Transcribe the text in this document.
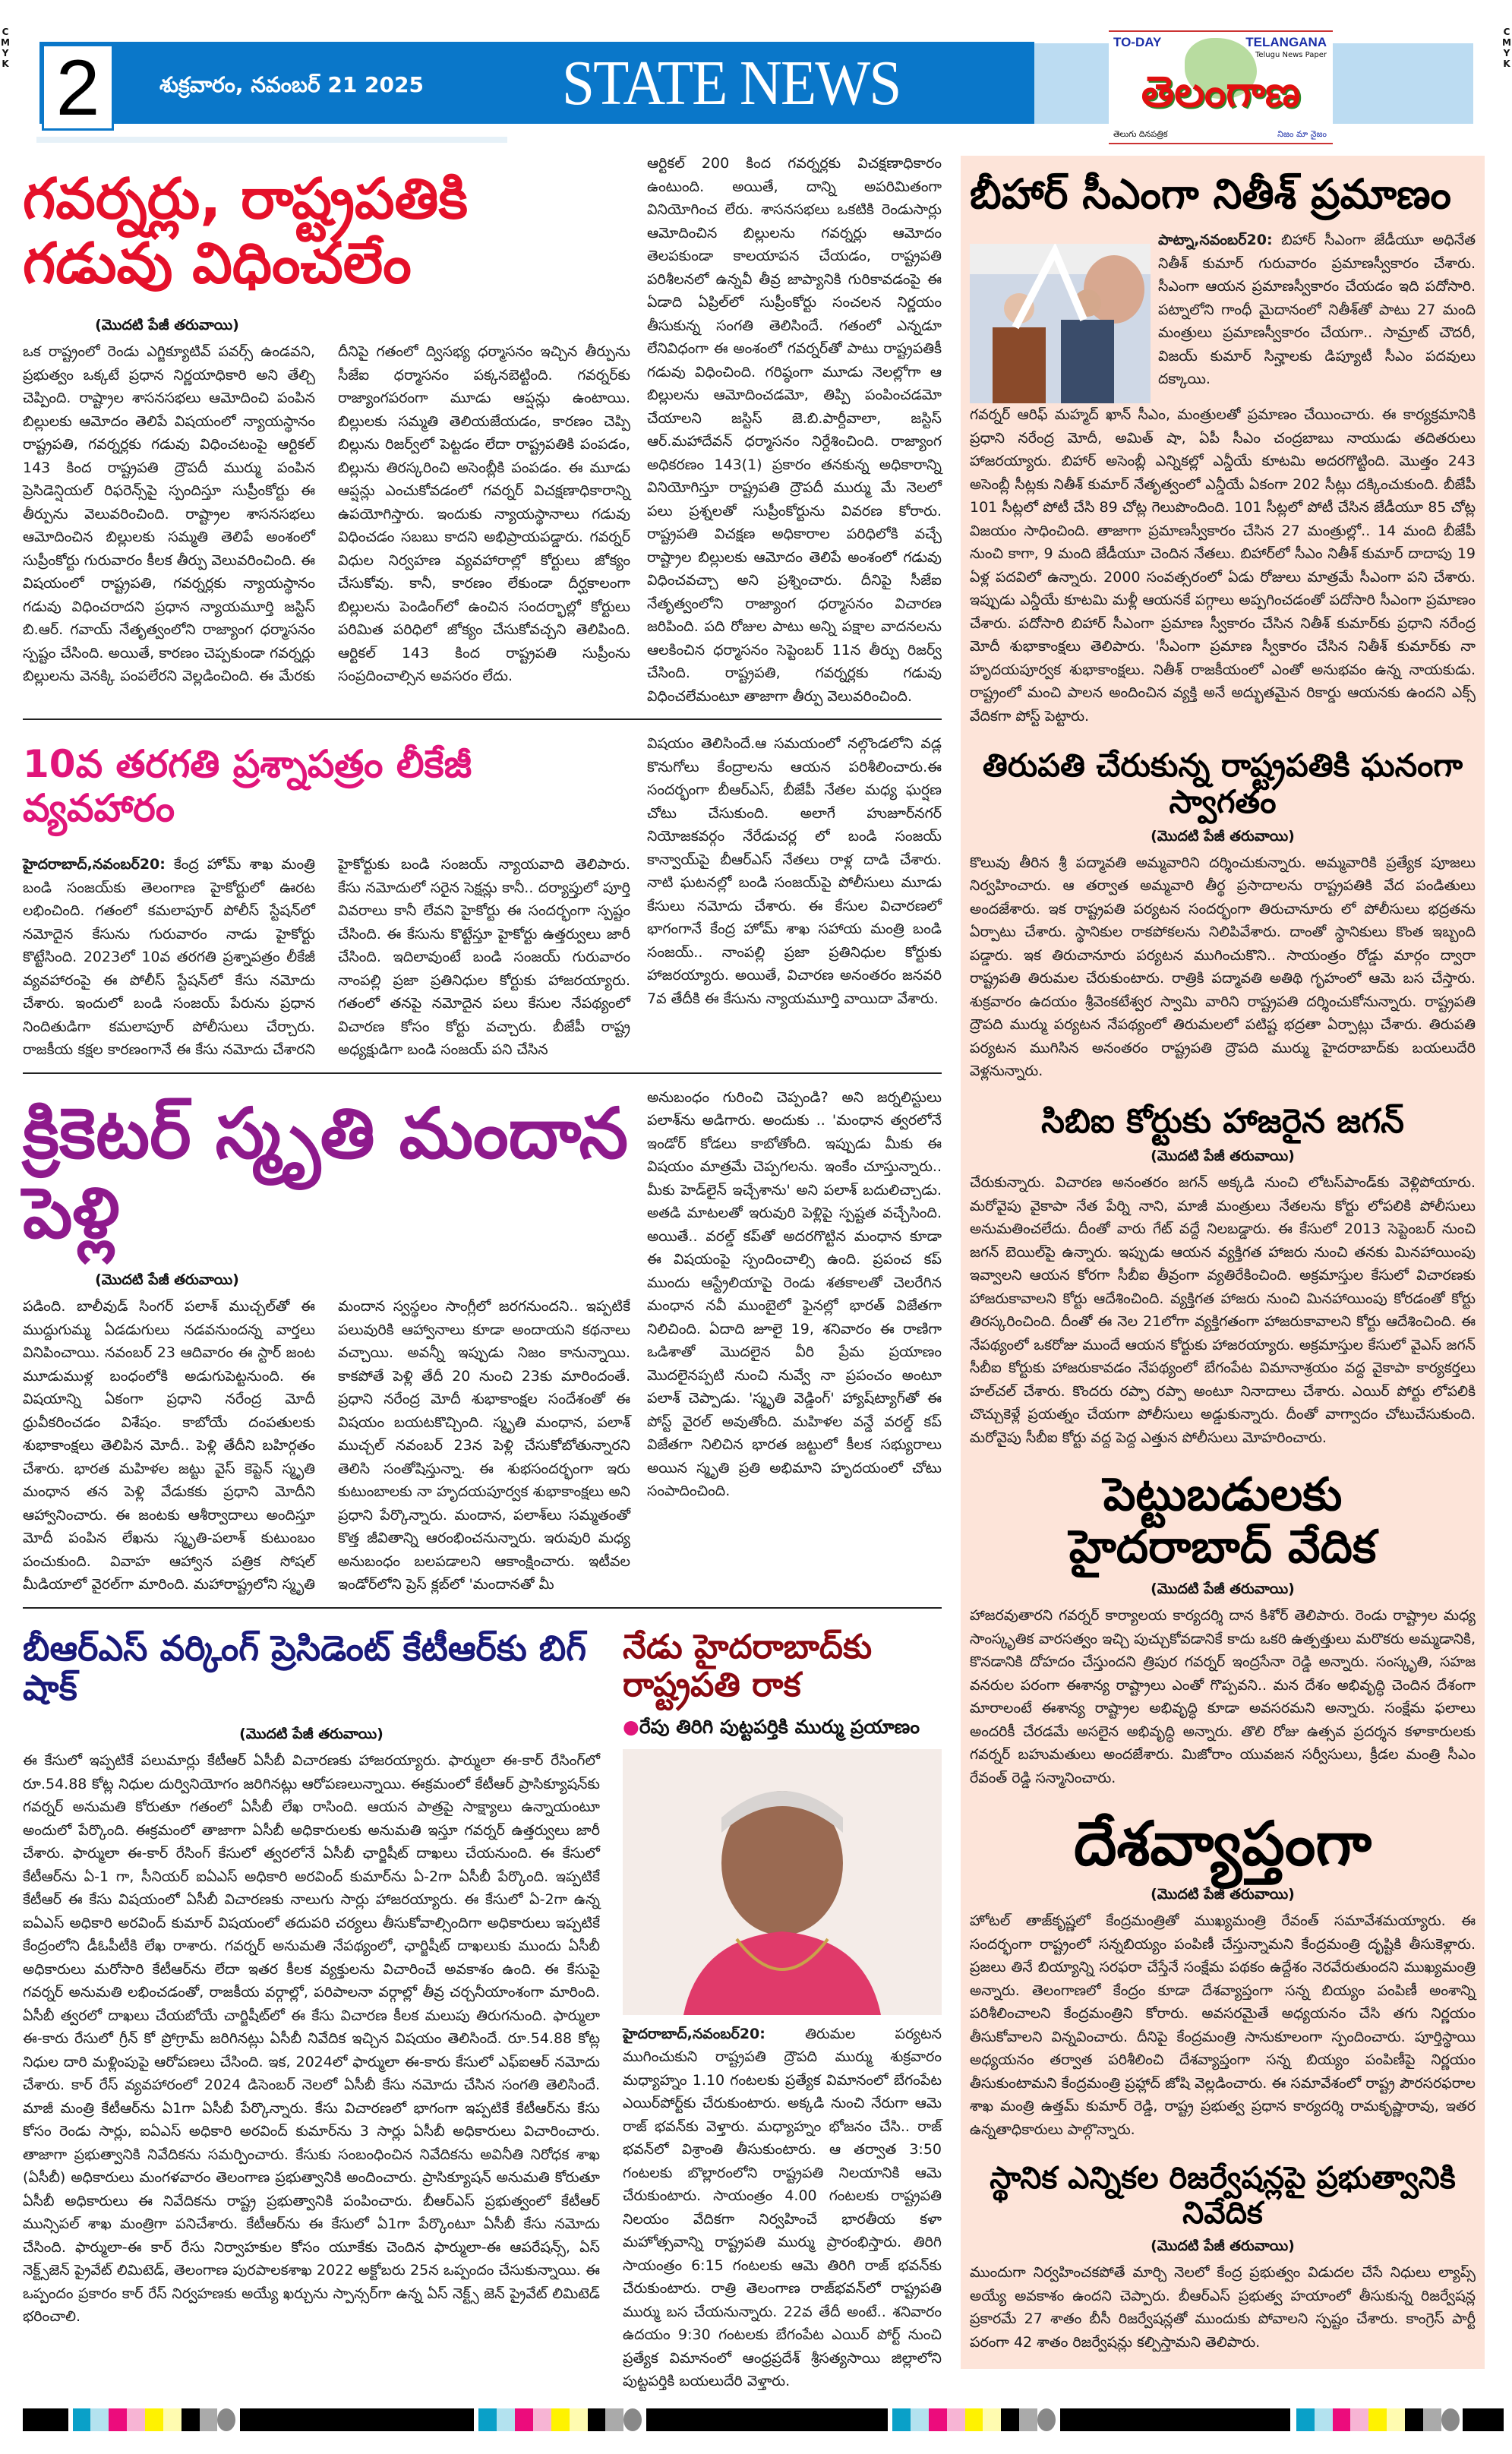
CMYK
CMYK
2	శుక్రవారం, నవంబర్ 21 2025	STATE NEWS
TO-DAY	TELANGANA
Telugu News Paper
తెలంగాణ
తెలుగు దినపత్రిక	నిజం మా నైజం
గవర్నర్లు, రాష్ట్రపతికి గడువు విధించలేం
(మొదటి పేజీ తరువాయి)
ఒక రాష్ట్రంలో రెండు ఎగ్జిక్యూటివ్ పవర్స్ ఉండవని, ప్రభుత్వం ఒక్కటే ప్రధాన నిర్ణయాధికారి అని తేల్చి చెప్పింది. రాష్ట్రాల శాసనసభలు ఆమోదించి పంపిన బిల్లులకు ఆమోదం తెలిపే విషయంలో న్యాయస్థానం రాష్ట్రపతి, గవర్నర్లకు గడువు విధించటంపై ఆర్టికల్ 143 కింద రాష్ట్రపతి ద్రౌపదీ ముర్ము పంపిన ప్రెసిడెన్షియల్ రిఫరెన్స్‌పై స్పందిస్తూ సుప్రీంకోర్టు ఈ తీర్పును వెలువరించింది. రాష్ట్రాల శాసనసభలు ఆమోదించిన బిల్లులకు సమ్మతి తెలిపే అంశంలో సుప్రీంకోర్టు గురువారం కీలక తీర్పు వెలువరించింది. ఈ విషయంలో రాష్ట్రపతి, గవర్నర్లకు న్యాయస్థానం గడువు విధించరాదని ప్రధాన న్యాయమూర్తి జస్టిస్ బి.ఆర్. గవాయ్ నేతృత్వంలోని రాజ్యాంగ ధర్మాసనం స్పష్టం చేసింది. అయితే, కారణం చెప్పకుండా గవర్నర్లు బిల్లులను వెనక్కి పంపలేరని వెల్లడించింది. ఈ మేరకు దీనిపై గతంలో ద్విసభ్య ధర్మాసనం ఇచ్చిన తీర్పును సీజేఐ ధర్మాసనం పక్కనబెట్టింది. గవర్నర్‌కు రాజ్యాంగపరంగా మూడు ఆప్షన్లు ఉంటాయి. బిల్లులకు సమ్మతి తెలియజేయడం, కారణం చెప్పి బిల్లును రిజర్వ్‌లో పెట్టడం లేదా రాష్ట్రపతికి పంపడం, బిల్లును తిరస్కరించి అసెంబ్లీకి పంపడం. ఈ మూడు ఆప్షన్లు ఎంచుకోవడంలో గవర్నర్ విచక్షణాధికారాన్ని ఉపయోగిస్తారు. ఇందుకు న్యాయస్థానాలు గడువు విధించడం సబబు కాదని అభిప్రాయపడ్డారు. గవర్నర్ విధుల నిర్వహణ వ్యవహారాల్లో కోర్టులు జోక్యం చేసుకోవు. కానీ, కారణం లేకుండా దీర్ఘకాలంగా బిల్లులను పెండింగ్‌లో ఉంచిన సందర్భాల్లో కోర్టులు పరిమిత పరిధిలో జోక్యం చేసుకోవచ్చని తెలిపింది. ఆర్టికల్ 143 కింద రాష్ట్రపతి సుప్రీంను సంప్రదించాల్సిన అవసరం లేదు.
ఆర్టికల్ 200 కింద గవర్నర్లకు విచక్షణాధికారం ఉంటుంది. అయితే, దాన్ని అపరిమితంగా వినియోగించ లేరు. శాసనసభలు ఒకటికి రెండుసార్లు ఆమోదించిన బిల్లులను గవర్నర్లు ఆమోదం తెలపకుండా కాలయాపన చేయడం, రాష్ట్రపతి పరిశీలనలో ఉన్నవీ తీవ్ర జాప్యానికి గురికావడంపై ఈ ఏడాది ఏప్రిల్‌లో సుప్రీంకోర్టు సంచలన నిర్ణయం తీసుకున్న సంగతి తెలిసిందే. గతంలో ఎన్నడూ లేనివిధంగా ఈ అంశంలో గవర్నర్‌తో పాటు రాష్ట్రపతికీ గడువు విధించింది. గరిష్ఠంగా మూడు నెలల్లోగా ఆ బిల్లులను ఆమోదించడమో, తిప్పి పంపించడమో చేయాలని జస్టిస్ జె.బి.పార్దీవాలా, జస్టిస్ ఆర్.మహాదేవన్ ధర్మాసనం నిర్దేశించింది. రాజ్యాంగ అధికరణం 143(1) ప్రకారం తనకున్న అధికారాన్ని వినియోగిస్తూ రాష్ట్రపతి ద్రౌపదీ ముర్ము మే నెలలో పలు ప్రశ్నలతో సుప్రీంకోర్టును వివరణ కోరారు. రాష్ట్రపతి విచక్షణ అధికారాల పరిధిలోకి వచ్చే రాష్ట్రాల బిల్లులకు ఆమోదం తెలిపే అంశంలో గడువు విధించవచ్చా అని ప్రశ్నించారు. దీనిపై సీజేఐ నేతృత్వంలోని రాజ్యాంగ ధర్మాసనం విచారణ జరిపింది. పది రోజుల పాటు అన్ని పక్షాల వాదనలను ఆలకించిన ధర్మాసనం సెప్టెంబర్ 11న తీర్పు రిజర్వ్ చేసింది. రాష్ట్రపతి, గవర్నర్లకు గడువు విధించలేమంటూ తాజాగా తీర్పు వెలువరించింది.
10వ తరగతి ప్రశ్నాపత్రం లీకేజీ వ్యవహారం
హైదరాబాద్,నవంబర్20: కేంద్ర హోమ్ శాఖ మంత్రి బండి సంజయ్‌కు తెలంగాణ హైకోర్టులో ఊరట లభించింది. గతంలో కమలాపూర్ పోలీస్ స్టేషన్‌లో నమోదైన కేసును గురువారం నాడు హైకోర్టు కొట్టేసింది. 2023లో 10వ తరగతి ప్రశ్నాపత్రం లీకేజీ వ్యవహారంపై ఈ పోలీస్ స్టేషన్‌లో కేసు నమోదు చేశారు. ఇందులో బండి సంజయ్ పేరును ప్రధాన నిందితుడిగా కమలాపూర్ పోలీసులు చేర్చారు. రాజకీయ కక్షల కారణంగానే ఈ కేసు నమోదు చేశారని హైకోర్టుకు బండి సంజయ్ న్యాయవాది తెలిపారు. కేసు నమోదులో సరైన సెక్షన్లు కానీ.. దర్యాప్తులో పూర్తి వివరాలు కానీ లేవని హైకోర్టు ఈ సందర్భంగా స్పష్టం చేసింది. ఈ కేసును కొట్టేస్తూ హైకోర్టు ఉత్తర్వులు జారీ చేసింది. ఇదిలావుంటే బండి సంజయ్ గురువారం నాంపల్లి ప్రజా ప్రతినిధుల కోర్టుకు హాజరయ్యారు. గతంలో తనపై నమోదైన పలు కేసుల నేపథ్యంలో విచారణ కోసం కోర్టు వచ్చారు. బీజేపీ రాష్ట్ర అధ్యక్షుడిగా బండి సంజయ్ పని చేసిన
విషయం తెలిసిందే.ఆ సమయంలో నల్గొండలోని వడ్ల కొనుగోలు కేంద్రాలను ఆయన పరిశీలించారు.ఈ సందర్భంగా బీఆర్ఎస్, బీజేపీ నేతల మధ్య ఘర్షణ చోటు చేసుకుంది. అలాగే హుజూర్‌నగర్ నియోజకవర్గం నేరేడుచర్ల లో బండి సంజయ్ కాన్వాయ్‌పై బీఆర్ఎస్ నేతలు రాళ్ల దాడి చేశారు. నాటి ఘటనల్లో బండి సంజయ్‌పై పోలీసులు మూడు కేసులు నమోదు చేశారు. ఈ కేసుల విచారణలో భాగంగానే కేంద్ర హోమ్ శాఖ సహాయ మంత్రి బండి సంజయ్.. నాంపల్లి ప్రజా ప్రతినిధుల కోర్టుకు హాజరయ్యారు. అయితే, విచారణ అనంతరం జనవరి 7వ తేదీకి ఈ కేసును న్యాయమూర్తి వాయిదా వేశారు.
క్రికెటర్ స్మృతి మందాన పెళ్లి
(మొదటి పేజీ తరువాయి)
పడింది. బాలీవుడ్ సింగర్ పలాశ్ ముచ్చల్‌తో ఈ ముద్దుగుమ్మ ఏడడుగులు నడవనుందన్న వార్తలు వినిపించాయి. నవంబర్ 23 ఆదివారం ఈ స్టార్ జంట మూడుముళ్ల బంధంలోకి అడుగుపెట్టనుంది. ఈ విషయాన్ని ఏకంగా ప్రధాని నరేంద్ర మోదీ ధ్రువీకరించడం విశేషం. కాబోయే దంపతులకు శుభాకాంక్షలు తెలిపిన మోదీ.. పెళ్లి తేదీని బహిర్గతం చేశారు. భారత మహిళల జట్టు వైస్ కెప్టెన్ స్మృతి మంధాన తన పెళ్లి వేడుకకు ప్రధాని మోదీని ఆహ్వానించారు. ఈ జంటకు ఆశీర్వాదాలు అందిస్తూ మోదీ పంపిన లేఖను స్మృతి-పలాశ్ కుటుంబం పంచుకుంది. వివాహ ఆహ్వాన పత్రిక సోషల్ మీడియాలో వైరల్‌గా మారింది. మహారాష్ట్రలోని స్మృతి మందాన స్వస్థలం సాంగ్లీలో జరగనుందని.. ఇప్పటికే పలువురికి ఆహ్వానాలు కూడా అందాయని కథనాలు వచ్చాయి. అవన్నీ ఇప్పుడు నిజం కానున్నాయి. కాకపోతే పెళ్లి తేదీ 20 నుంచి 23కు మారిందంతే. ప్రధాని నరేంద్ర మోదీ శుభాకాంక్షల సందేశంతో ఈ విషయం బయటకొచ్చింది. స్మృతి మంధాన, పలాశ్ ముచ్చల్ నవంబర్ 23న పెళ్లి చేసుకోబోతున్నారని తెలిసి సంతోషిస్తున్నా. ఈ శుభసందర్భంగా ఇరు కుటుంబాలకు నా హృదయపూర్వక శుభాకాంక్షలు అని ప్రధాని పేర్కొన్నారు. మందాన, పలాశ్‌లు సమ్మతంతో కొత్త జీవితాన్ని ఆరంభించనున్నారు. ఇరువురి మధ్య అనుబంధం బలపడాలని ఆకాంక్షించారు. ఇటీవల ఇండోర్‌లోని ప్రెస్ క్లబ్‌లో 'మందానతో మీ
అనుబంధం గురించి చెప్పండి? అని జర్నలిస్టులు పలాశ్‌ను అడిగారు. అందుకు .. 'మంధాన త్వరలోనే ఇండోర్ కోడలు కాబోతోంది. ఇప్పుడు మీకు ఈ విషయం మాత్రమే చెప్పగలను. ఇంకేం చూస్తున్నారు.. మీకు హెడ్‌లైన్ ఇచ్చేశాను' అని పలాశ్ బదులిచ్చాడు. అతడి మాటలతో ఇరువురి పెళ్లిపై స్పష్టత వచ్చేసింది. అయితే.. వరల్డ్ కప్‌తో అదరగొట్టిన మంధాన కూడా ఈ విషయంపై స్పందించాల్సి ఉంది. ప్రపంచ కప్ ముందు ఆస్ట్రేలియాపై రెండు శతకాలతో చెలరేగిన మంధాన నవీ ముంబైలో ఫైనల్లో భారత్ విజేతగా నిలిచింది. ఏదాది జూలై 19, శనివారం ఈ రాణిగా ఒడిశాతో మొదలైన వీరి ప్రేమ ప్రయాణం మొదలైనప్పటి నుంచి నువ్వే నా ప్రపంచం అంటూ పలాశ్ చెప్పాడు. 'స్మృతి వెడ్డింగ్' హ్యాష్‌ట్యాగ్‌తో ఈ పోస్ట్ వైరల్ అవుతోంది. మహిళల వన్డే వరల్డ్ కప్ విజేతగా నిలిచిన భారత జట్టులో కీలక సభ్యురాలు అయిన స్మృతి ప్రతి అభిమాని హృదయంలో చోటు సంపాదించింది.
బీఆర్ఎస్ వర్కింగ్ ప్రెసిడెంట్ కేటీఆర్‌కు బిగ్ షాక్
(మొదటి పేజీ తరువాయి)
ఈ కేసులో ఇప్పటికే పలుమార్లు కేటీఆర్ ఏసీబీ విచారణకు హాజరయ్యారు. ఫార్ములా ఈ-కార్ రేసింగ్‌లో రూ.54.88 కోట్ల నిధుల దుర్వినియోగం జరిగినట్లు ఆరోపణలున్నాయి. ఈక్రమంలో కేటీఆర్ ప్రాసిక్యూషన్‌కు గవర్నర్ అనుమతి కోరుతూ గతంలో ఏసీబీ లేఖ రాసింది. ఆయన పాత్రపై సాక్ష్యాలు ఉన్నాయంటూ అందులో పేర్కొంది. ఈక్రమంలో తాజాగా ఏసీబీ అధికారులకు అనుమతి ఇస్తూ గవర్నర్ ఉత్తర్వులు జారీ చేశారు. ఫార్ములా ఈ-కార్ రేసింగ్ కేసులో త్వరలోనే ఏసీబీ ఛార్జిషీట్ దాఖలు చేయనుంది. ఈ కేసులో కేటీఆర్‌ను ఏ-1 గా, సీనియర్ ఐఏఎస్ అధికారి అరవింద్ కుమార్‌ను ఏ-2గా ఏసీబీ పేర్కొంది. ఇప్పటికే కేటీఆర్ ఈ కేసు విషయంలో ఏసీబీ విచారణకు నాలుగు సార్లు హాజరయ్యారు. ఈ కేసులో ఏ-2గా ఉన్న ఐఏఎస్ అధికారి అరవింద్ కుమార్ విషయంలో తదుపరి చర్యలు తీసుకోవాల్సిందిగా అధికారులు ఇప్పటికే కేంద్రంలోని డీఓపీటీకి లేఖ రాశారు. గవర్నర్ అనుమతి నేపథ్యంలో, ఛార్జిషీట్ దాఖలుకు ముందు ఏసీబీ అధికారులు మరోసారి కేటీఆర్‌ను లేదా ఇతర కీలక వ్యక్తులను విచారించే అవకాశం ఉంది. ఈ కేసుపై గవర్నర్ అనుమతి లభించడంతో, రాజకీయ వర్గాల్లో, పరిపాలనా వర్గాల్లో తీవ్ర చర్చనీయాంశంగా మారింది. ఏసీబీ త్వరలో దాఖలు చేయబోయే చార్జిషీట్‌లో ఈ కేసు విచారణ కీలక మలుపు తిరుగనుంది. ఫార్ములా ఈ-కారు రేసులో గ్రీన్ కో ప్రోగ్రామ్ జరిగినట్లు ఏసీబీ నివేదిక ఇచ్చిన విషయం తెలిసిందే. రూ.54.88 కోట్ల నిధుల దారి మళ్లింపుపై ఆరోపణలు చేసింది. ఇక, 2024లో ఫార్ములా ఈ-కారు కేసులో ఎఫ్ఐఆర్ నమోదు చేశారు. కార్ రేస్ వ్యవహారంలో 2024 డిసెంబర్ నెలలో ఏసీబీ కేసు నమోదు చేసిన సంగతి తెలిసిందే. మాజీ మంత్రి కేటీఆర్‌ను ఏ1గా ఏసీబీ పేర్కొన్నారు. కేసు విచారణలో భాగంగా ఇప్పటికే కేటీఆర్‌ను కేసు కోసం రెండు సార్లు, ఐఏఎస్ అధికారి అరవింద్ కుమార్‌ను 3 సార్లు ఏసీబీ అధికారులు విచారించారు. తాజాగా ప్రభుత్వానికి నివేదికను సమర్పించారు. కేసుకు సంబంధించిన నివేదికను అవినీతి నిరోధక శాఖ (ఏసీబీ) అధికారులు మంగళవారం తెలంగాణ ప్రభుత్వానికి అందించారు. ప్రాసిక్యూషన్ అనుమతి కోరుతూ ఏసీబీ అధికారులు ఈ నివేదికను రాష్ట్ర ప్రభుత్వానికి పంపించారు. బీఆర్ఎస్ ప్రభుత్వంలో కేటీఆర్ మున్సిపల్ శాఖ మంత్రిగా పనిచేశారు. కేటీఆర్‌ను ఈ కేసులో ఏ1గా పేర్కొంటూ ఏసీబీ కేసు నమోదు చేసింది. ఫార్ములా-ఈ కార్ రేసు నిర్వాహకుల కోసం యూకేకు చెందిన ఫార్ములా-ఈ ఆపరేషన్స్, ఏస్ నెక్ట్స్‌జెన్ ప్రైవేట్ లిమిటెడ్, తెలంగాణ పురపాలకశాఖ 2022 అక్టోబరు 25న ఒప్పందం చేసుకున్నాయి. ఈ ఒప్పందం ప్రకారం కార్ రేస్ నిర్వహణకు అయ్యే ఖర్చును స్పాన్సర్‌గా ఉన్న ఏస్ నెక్ట్స్ జెన్ ప్రైవేట్ లిమిటెడ్ భరించాలి.
నేడు హైదరాబాద్‌కు రాష్ట్రపతి రాక
●రేపు తిరిగి పుట్టపర్తికి ముర్ము ప్రయాణం
హైదరాబాద్,నవంబర్20: తిరుమల పర్యటన ముగించుకుని రాష్ట్రపతి ద్రౌపది ముర్ము శుక్రవారం మధ్యాహ్నం 1.10 గంటలకు ప్రత్యేక విమానంలో బేగంపేట ఎయిర్‌పోర్ట్‌కు చేరుకుంటారు. అక్కడి నుంచి నేరుగా ఆమె రాజ్ భవన్‌కు వెళ్తారు. మధ్యాహ్నం భోజనం చేసి.. రాజ్ భవన్‌లో విశ్రాంతి తీసుకుంటారు. ఆ తర్వాత 3:50 గంటలకు బొల్లారంలోని రాష్ట్రపతి నిలయానికి ఆమె చేరుకుంటారు. సాయంత్రం 4.00 గంటలకు రాష్ట్రపతి నిలయం వేదికగా నిర్వహించే భారతీయ కళా మహోత్సవాన్ని రాష్ట్రపతి ముర్ము ప్రారంభిస్తారు. తిరిగి సాయంత్రం 6:15 గంటలకు ఆమె తిరిగి రాజ్ భవన్‌కు చేరుకుంటారు. రాత్రి తెలంగాణ రాజ్‌భవన్‌లో రాష్ట్రపతి ముర్ము బస చేయనున్నారు. 22వ తేదీ అంటే.. శనివారం ఉదయం 9:30 గంటలకు బేగంపేట ఎయిర్ పోర్ట్ నుంచి ప్రత్యేక విమానంలో ఆంధ్రప్రదేశ్ శ్రీసత్యసాయి జిల్లాలోని పుట్టపర్తికి బయలుదేరి వెళ్తారు.
బీహార్ సీఎంగా నితీశ్ ప్రమాణం
పాట్నా,నవంబర్20: బిహార్ సీఎంగా జేడీయూ అధినేత నితీశ్ కుమార్ గురువారం ప్రమాణస్వీకారం చేశారు. సీఎంగా ఆయన ప్రమాణస్వీకారం చేయడం ఇది పదోసారి. పట్నాలోని గాంధీ మైదానంలో నితీశ్‌తో పాటు 27 మంది మంత్రులు ప్రమాణస్వీకారం చేయగా.. సామ్రాట్ చౌదరీ, విజయ్ కుమార్ సిన్హాలకు డిప్యూటీ సీఎం పదవులు దక్కాయి.
గవర్నర్ ఆరిఫ్ మహ్మద్ ఖాన్ సీఎం, మంత్రులతో ప్రమాణం చేయించారు. ఈ కార్యక్రమానికి ప్రధాని నరేంద్ర మోదీ, అమిత్ షా, ఏపీ సీఎం చంద్రబాబు నాయుడు తదితరులు హాజరయ్యారు. బిహార్ అసెంబ్లీ ఎన్నికల్లో ఎన్డీయే కూటమి అదరగొట్టింది. మొత్తం 243 అసెంబ్లీ సీట్లకు నితీశ్ కుమార్ నేతృత్వంలో ఎన్డీయే ఏకంగా 202 సీట్లు దక్కించుకుంది. బీజేపీ 101 సీట్లలో పోటీ చేసి 89 చోట్ల గెలుపొందింది. 101 సీట్లలో పోటీ చేసిన జేడీయూ 85 చోట్ల విజయం సాధించింది. తాజాగా ప్రమాణస్వీకారం చేసిన 27 మంత్రుల్లో.. 14 మంది బీజేపీ నుంచి కాగా, 9 మంది జేడీయూ చెందిన నేతలు. బిహార్‌లో సీఎం నితీశ్ కుమార్ దాదాపు 19 ఏళ్ల పదవిలో ఉన్నారు. 2000 సంవత్సరంలో ఏడు రోజులు మాత్రమే సీఎంగా పని చేశారు. ఇప్పుడు ఎన్డీయే కూటమి మళ్లీ ఆయనకే పగ్గాలు అప్పగించడంతో పదోసారి సీఎంగా ప్రమాణం చేశారు. పదోసారి బిహార్ సీఎంగా ప్రమాణ స్వీకారం చేసిన నితీశ్ కుమార్‌కు ప్రధాని నరేంద్ర మోదీ శుభాకాంక్షలు తెలిపారు. 'సీఎంగా ప్రమాణ స్వీకారం చేసిన నితీశ్ కుమార్‌కు నా హృదయపూర్వక శుభాకాంక్షలు. నితీశ్ రాజకీయంలో ఎంతో అనుభవం ఉన్న నాయకుడు. రాష్ట్రంలో మంచి పాలన అందించిన వ్యక్తి అనే అద్భుతమైన రికార్డు ఆయనకు ఉందని ఎక్స్ వేదికగా పోస్ట్ పెట్టారు.
తిరుపతి చేరుకున్న రాష్ట్రపతికి ఘనంగా స్వాగతం
(మొదటి పేజీ తరువాయి)
కొలువు తీరిన శ్రీ పద్మావతి అమ్మవారిని దర్శించుకున్నారు. అమ్మవారికి ప్రత్యేక పూజలు నిర్వహించారు. ఆ తర్వాత అమ్మవారి తీర్థ ప్రసాదాలను రాష్ట్రపతికి వేద పండితులు అందజేశారు. ఇక రాష్ట్రపతి పర్యటన సందర్భంగా తిరుచానూరు లో పోలీసులు భద్రతను ఏర్పాటు చేశారు. స్థానికుల రాకపోకలను నిలిపివేశారు. దాంతో స్థానికులు కొంత ఇబ్బంది పడ్డారు. ఇక తిరుచానూరు పర్యటన ముగించుకొని.. సాయంత్రం రోడ్డు మార్గం ద్వారా రాష్ట్రపతి తిరుమల చేరుకుంటారు. రాత్రికి పద్మావతి అతిథి గృహంలో ఆమె బస చేస్తారు. శుక్రవారం ఉదయం శ్రీవెంకటేశ్వర స్వామి వారిని రాష్ట్రపతి దర్శించుకోనున్నారు. రాష్ట్రపతి ద్రౌపది ముర్ము పర్యటన నేపథ్యంలో తిరుమలలో పటిష్ట భద్రతా ఏర్పాట్లు చేశారు. తిరుపతి పర్యటన ముగిసిన అనంతరం రాష్ట్రపతి ద్రౌపది ముర్ము హైదరాబాద్‌కు బయలుదేరి వెళ్లనున్నారు.
సిబిఐ కోర్టుకు హాజరైన జగన్
(మొదటి పేజీ తరువాయి)
చేరుకున్నారు. విచారణ అనంతరం జగన్ అక్కడి నుంచి లోటస్‌పాండ్‌కు వెళ్లిపోయారు. మరోవైపు వైకాపా నేత పేర్ని నాని, మాజీ మంత్రులు నేతలను కోర్టు లోపలికి పోలీసులు అనుమతించలేదు. దీంతో వారు గేట్ వద్దే నిలబడ్డారు. ఈ కేసులో 2013 సెప్టెంబర్ నుంచి జగన్ బెయిల్‌పై ఉన్నారు. ఇప్పుడు ఆయన వ్యక్తిగత హాజరు నుంచి తనకు మినహాయింపు ఇవ్వాలని ఆయన కోరగా సీబీఐ తీవ్రంగా వ్యతిరేకించింది. అక్రమాస్తుల కేసులో విచారణకు హాజరుకావాలని కోర్టు ఆదేశించింది. వ్యక్తిగత హాజరు నుంచి మినహాయింపు కోరడంతో కోర్టు తిరస్కరించింది. దీంతో ఈ నెల 21లోగా వ్యక్తిగతంగా హాజరుకావాలని కోర్టు ఆదేశించింది. ఈ నేపథ్యంలో ఒకరోజు ముందే ఆయన కోర్టుకు హాజరయ్యారు. అక్రమాస్తుల కేసులో వైఎస్ జగన్ సీబీఐ కోర్టుకు హాజరుకావడం నేపథ్యంలో బేగంపేట విమానాశ్రయం వద్ద వైకాపా కార్యకర్తలు హల్‌చల్ చేశారు. కొందరు రప్పా రప్పా అంటూ నినాదాలు చేశారు. ఎయిర్ పోర్టు లోపలికి చొచ్చుకెళ్లే ప్రయత్నం చేయగా పోలీసులు అడ్డుకున్నారు. దీంతో వాగ్వాదం చోటుచేసుకుంది. మరోవైపు సీబీఐ కోర్టు వద్ద పెద్ద ఎత్తున పోలీసులు మోహరించారు.
పెట్టుబడులకు
హైదరాబాద్ వేదిక
(మొదటి పేజీ తరువాయి)
హాజరవుతారని గవర్నర్ కార్యాలయ కార్యదర్శి దాన కిశోర్ తెలిపారు. రెండు రాష్ట్రాల మధ్య సాంస్కృతిక వారసత్వం ఇచ్చి పుచ్చుకోవడానికే కాదు ఒకరి ఉత్పత్తులు మరొకరు అమ్మడానికి, కొనడానికి దోహదం చేస్తుందని త్రిపుర గవర్నర్ ఇంద్రసేనా రెడ్డి అన్నారు. సంస్కృతి, సహజ వనరుల పరంగా ఈశాన్య రాష్ట్రాలు ఎంతో గొప్పవని.. మన దేశం అభివృద్ధి చెందిన దేశంగా మారాలంటే ఈశాన్య రాష్ట్రాల అభివృద్ధి కూడా అవసరమని అన్నారు. సంక్షేమ ఫలాలు అందరికీ చేరడమే అసలైన అభివృద్ధి అన్నారు. తొలి రోజు ఉత్సవ ప్రదర్శన కళాకారులకు గవర్నర్ బహుమతులు అందజేశారు. మిజోరాం యువజన సర్వీసులు, క్రీడల మంత్రి సీఎం రేవంత్ రెడ్డి సన్మానించారు.
దేశవ్యాప్తంగా
(మొదటి పేజీ తరువాయి)
హోటల్ తాజ్‌కృష్ణలో కేంద్రమంత్రితో ముఖ్యమంత్రి రేవంత్ సమావేశమయ్యారు. ఈ సందర్భంగా రాష్ట్రంలో సన్నబియ్యం పంపిణీ చేస్తున్నామని కేంద్రమంత్రి దృష్టికి తీసుకెళ్లారు. ప్రజలు తినే బియ్యాన్ని సరఫరా చేస్తేనే సంక్షేమ పథకం ఉద్దేశం నెరవేరుతుందని ముఖ్యమంత్రి అన్నారు. తెలంగాణలో కేంద్రం కూడా దేశవ్యాప్తంగా సన్న బియ్యం పంపిణీ అంశాన్ని పరిశీలించాలని కేంద్రమంత్రిని కోరారు. అవసరమైతే అధ్యయనం చేసి తగు నిర్ణయం తీసుకోవాలని విన్నవించారు. దీనిపై కేంద్రమంత్రి సానుకూలంగా స్పందించారు. పూర్తిస్థాయి అధ్యయనం తర్వాత పరిశీలించి దేశవ్యాప్తంగా సన్న బియ్యం పంపిణీపై నిర్ణయం తీసుకుంటామని కేంద్రమంత్రి ప్రహ్లాద్ జోషి వెల్లడించారు. ఈ సమావేశంలో రాష్ట్ర పౌరసరఫరాల శాఖ మంత్రి ఉత్తమ్ కుమార్ రెడ్డి, రాష్ట్ర ప్రభుత్వ ప్రధాన కార్యదర్శి రామకృష్ణారావు, ఇతర ఉన్నతాధికారులు పాల్గొన్నారు.
స్థానిక ఎన్నికల రిజర్వేషన్లపై ప్రభుత్వానికి నివేదిక
(మొదటి పేజీ తరువాయి)
ముందుగా నిర్వహించకపోతే మార్చి నెలలో కేంద్ర ప్రభుత్వం విడుదల చేసే నిధులు ల్యాప్స్ అయ్యే అవకాశం ఉందని చెప్పారు. బీఆర్ఎస్ ప్రభుత్వ హయాంలో తీసుకున్న రిజర్వేషన్ల ప్రకారమే 27 శాతం బీసీ రిజర్వేషన్లతో ముందుకు పోవాలని స్పష్టం చేశారు. కాంగ్రెస్ పార్టీ పరంగా 42 శాతం రిజర్వేషన్లు కల్పిస్తామని తెలిపారు.
